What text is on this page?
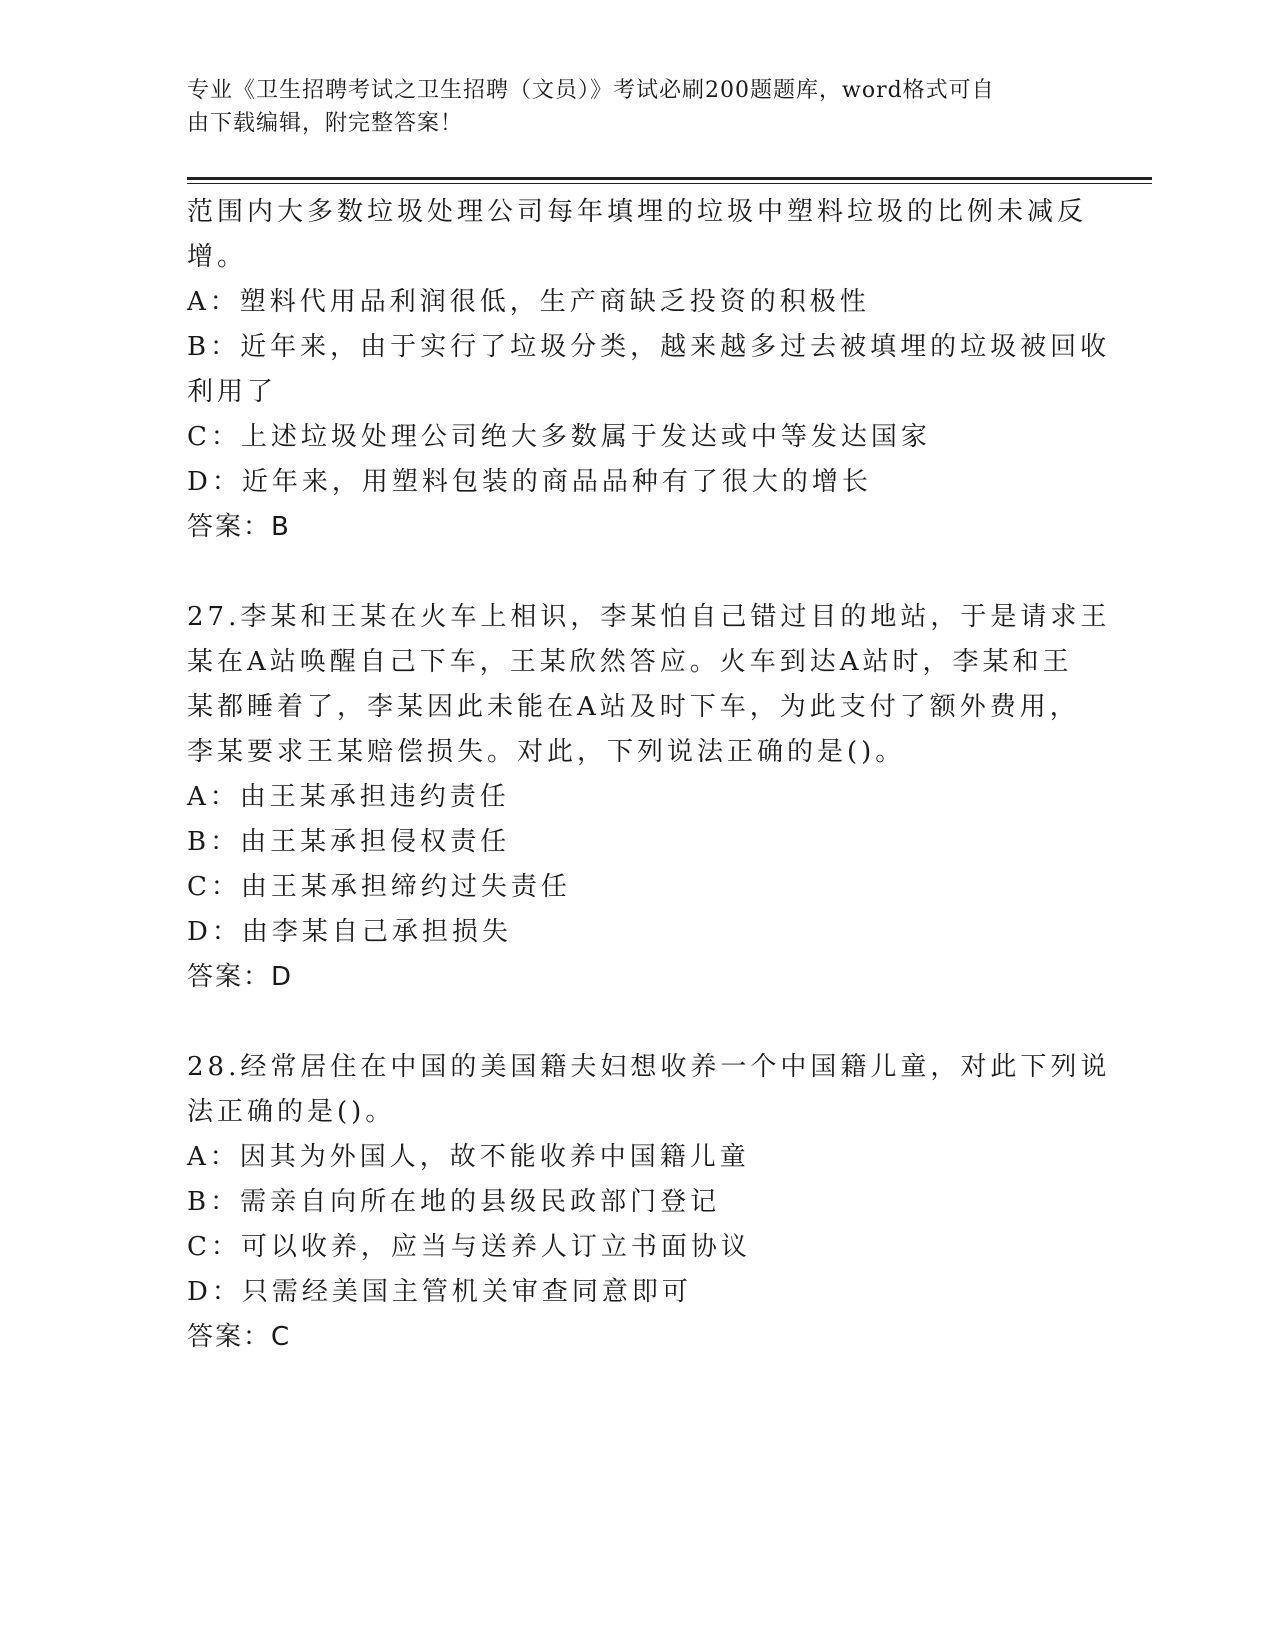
专业《卫生招聘考试之卫生招聘（文员）》考试必刷200题题库，word格式可自
由下载编辑，附完整答案！
范围内大多数垃圾处理公司每年填埋的垃圾中塑料垃圾的比例未减反
增。
A：塑料代用品利润很低，生产商缺乏投资的积极性
B：近年来，由于实行了垃圾分类，越来越多过去被填埋的垃圾被回收
利用了
C：上述垃圾处理公司绝大多数属于发达或中等发达国家
D：近年来，用塑料包装的商品品种有了很大的增长
答案：B
27.李某和王某在火车上相识，李某怕自己错过目的地站，于是请求王
某在A站唤醒自己下车，王某欣然答应。火车到达A站时，李某和王
某都睡着了，李某因此未能在A站及时下车，为此支付了额外费用，
李某要求王某赔偿损失。对此，下列说法正确的是()。
A：由王某承担违约责任
B：由王某承担侵权责任
C：由王某承担缔约过失责任
D：由李某自己承担损失
答案：D
28.经常居住在中国的美国籍夫妇想收养一个中国籍儿童，对此下列说
法正确的是()。
A：因其为外国人，故不能收养中国籍儿童
B：需亲自向所在地的县级民政部门登记
C：可以收养，应当与送养人订立书面协议
D：只需经美国主管机关审查同意即可
答案：C
